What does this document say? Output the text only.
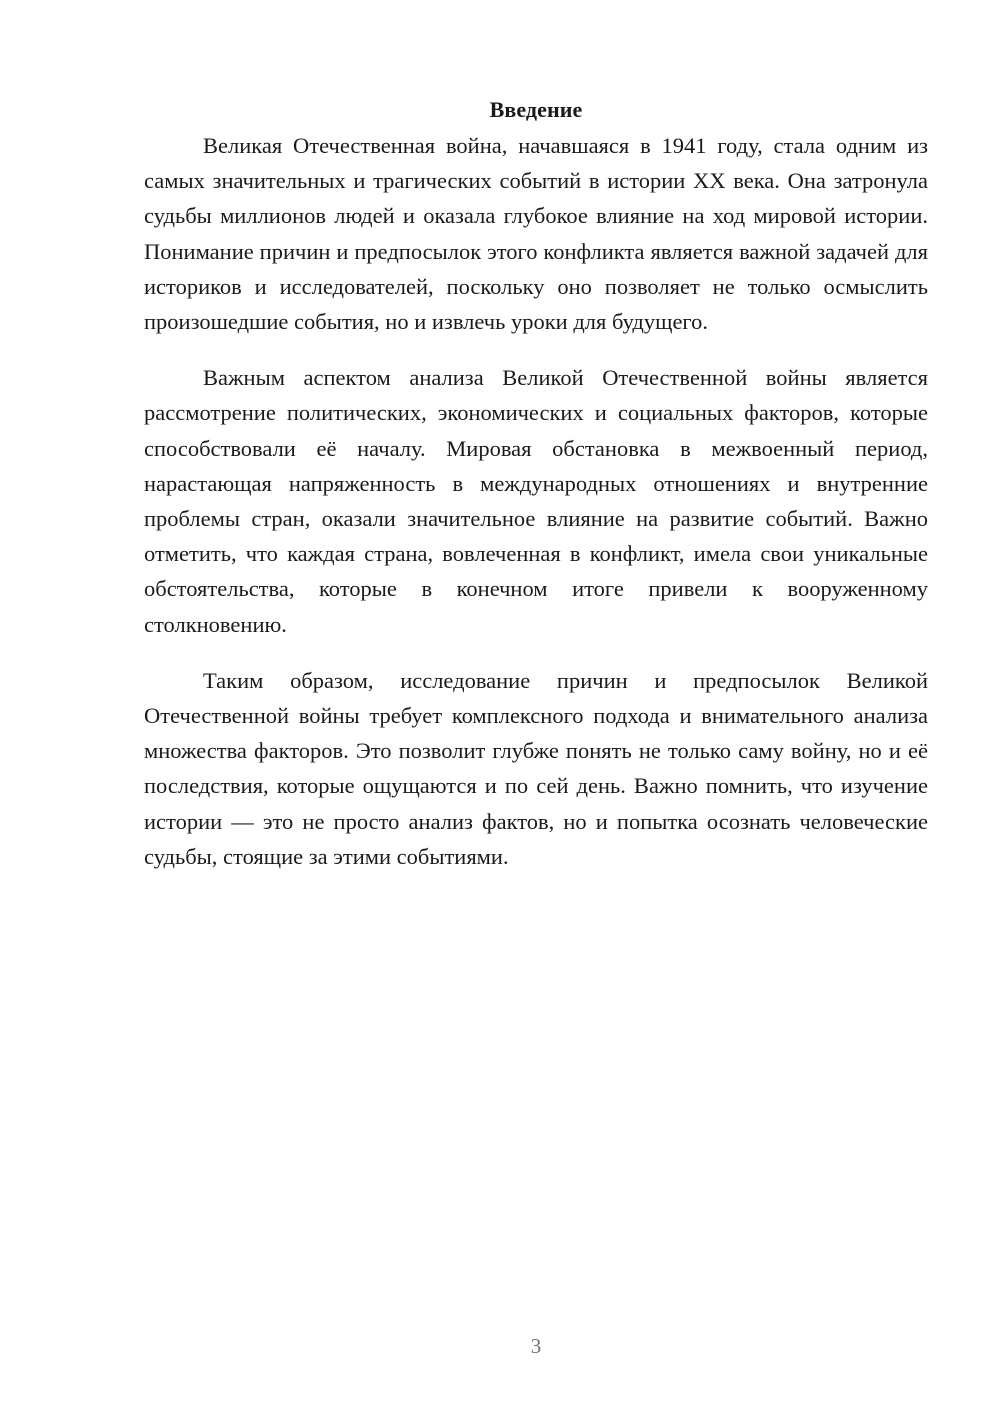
Введение

Великая Отечественная война, начавшаяся в 1941 году, стала одним из самых значительных и трагических событий в истории XX века. Она затронула судьбы миллионов людей и оказала глубокое влияние на ход мировой истории. Понимание причин и предпосылок этого конфликта является важной задачей для историков и исследователей, поскольку оно позволяет не только осмыслить произошедшие события, но и извлечь уроки для будущего.

Важным аспектом анализа Великой Отечественной войны является рассмотрение политических, экономических и социальных факторов, которые способствовали её началу. Мировая обстановка в межвоенный период, нарастающая напряженность в международных отношениях и внутренние проблемы стран, оказали значительное влияние на развитие событий. Важно отметить, что каждая страна, вовлеченная в конфликт, имела свои уникальные обстоятельства, которые в конечном итоге привели к вооруженному столкновению.

Таким образом, исследование причин и предпосылок Великой Отечественной войны требует комплексного подхода и внимательного анализа множества факторов. Это позволит глубже понять не только саму войну, но и её последствия, которые ощущаются и по сей день. Важно помнить, что изучение истории — это не просто анализ фактов, но и попытка осознать человеческие судьбы, стоящие за этими событиями.

3
